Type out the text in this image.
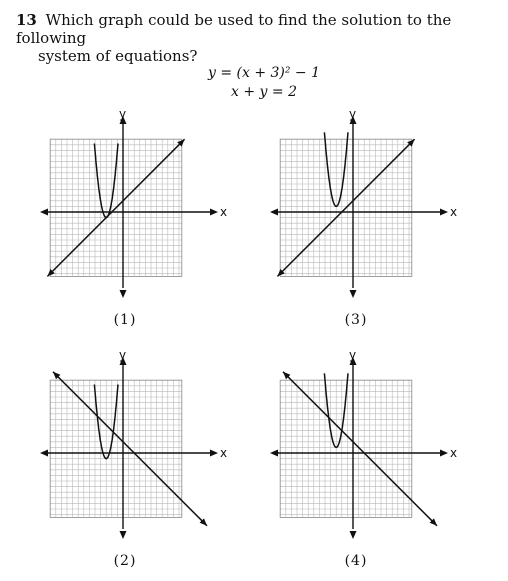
13 Which graph could be used to find the solution to the following
system of equations?
y = (x + 3)² − 1
x + y = 2
x
y
(1)
x
y
(3)
x
y
(2)
x
y
(4)
